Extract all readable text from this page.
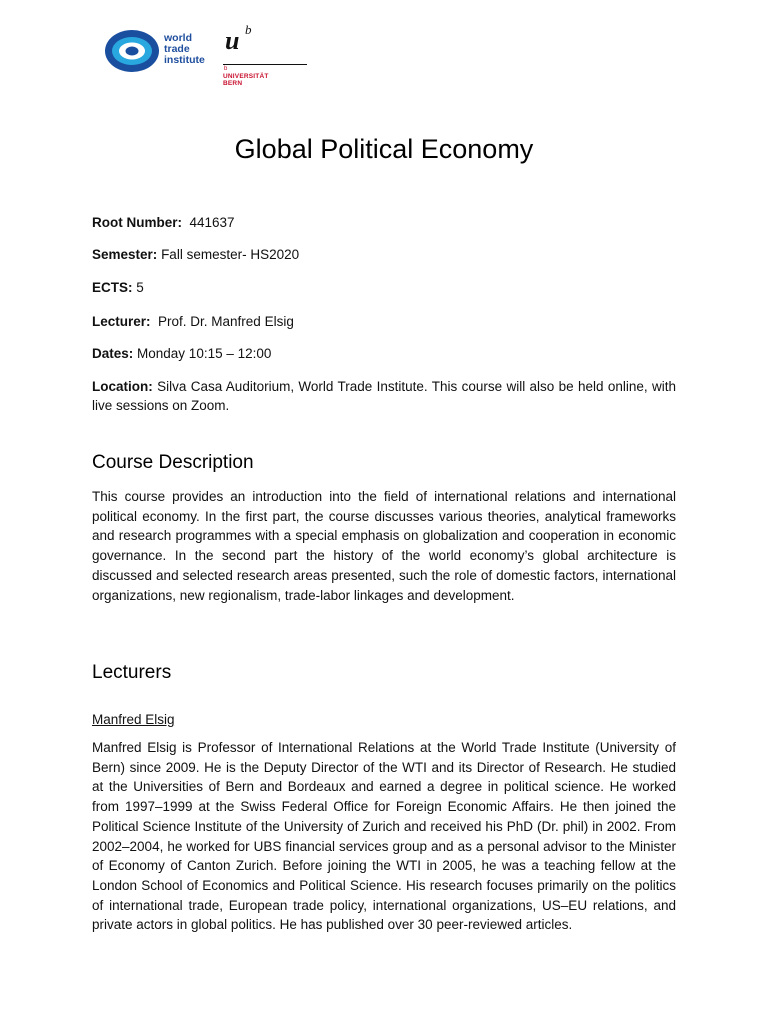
world
trade
institute
u b
b
UNIVERSITÄT
BERN
Global Political Economy
Root Number: 441637
Semester: Fall semester- HS2020
ECTS: 5
Lecturer: Prof. Dr. Manfred Elsig
Dates: Monday 10:15 – 12:00
Location: Silva Casa Auditorium, World Trade Institute. This course will also be held online, with live sessions on Zoom.
Course Description
This course provides an introduction into the field of international relations and international political economy. In the first part, the course discusses various theories, analytical frameworks and research programmes with a special emphasis on globalization and cooperation in economic governance. In the second part the history of the world economy’s global architecture is discussed and selected research areas presented, such the role of domestic factors, international organizations, new regionalism, trade-labor linkages and development.
Lecturers
Manfred Elsig
Manfred Elsig is Professor of International Relations at the World Trade Institute (University of Bern) since 2009. He is the Deputy Director of the WTI and its Director of Research. He studied at the Universities of Bern and Bordeaux and earned a degree in political science. He worked from 1997–1999 at the Swiss Federal Office for Foreign Economic Affairs. He then joined the Political Science Institute of the University of Zurich and received his PhD (Dr. phil) in 2002. From 2002–2004, he worked for UBS financial services group and as a personal advisor to the Minister of Economy of Canton Zurich. Before joining the WTI in 2005, he was a teaching fellow at the London School of Economics and Political Science. His research focuses primarily on the politics of international trade, European trade policy, international organizations, US–EU relations, and private actors in global politics. He has published over 30 peer-reviewed articles.
